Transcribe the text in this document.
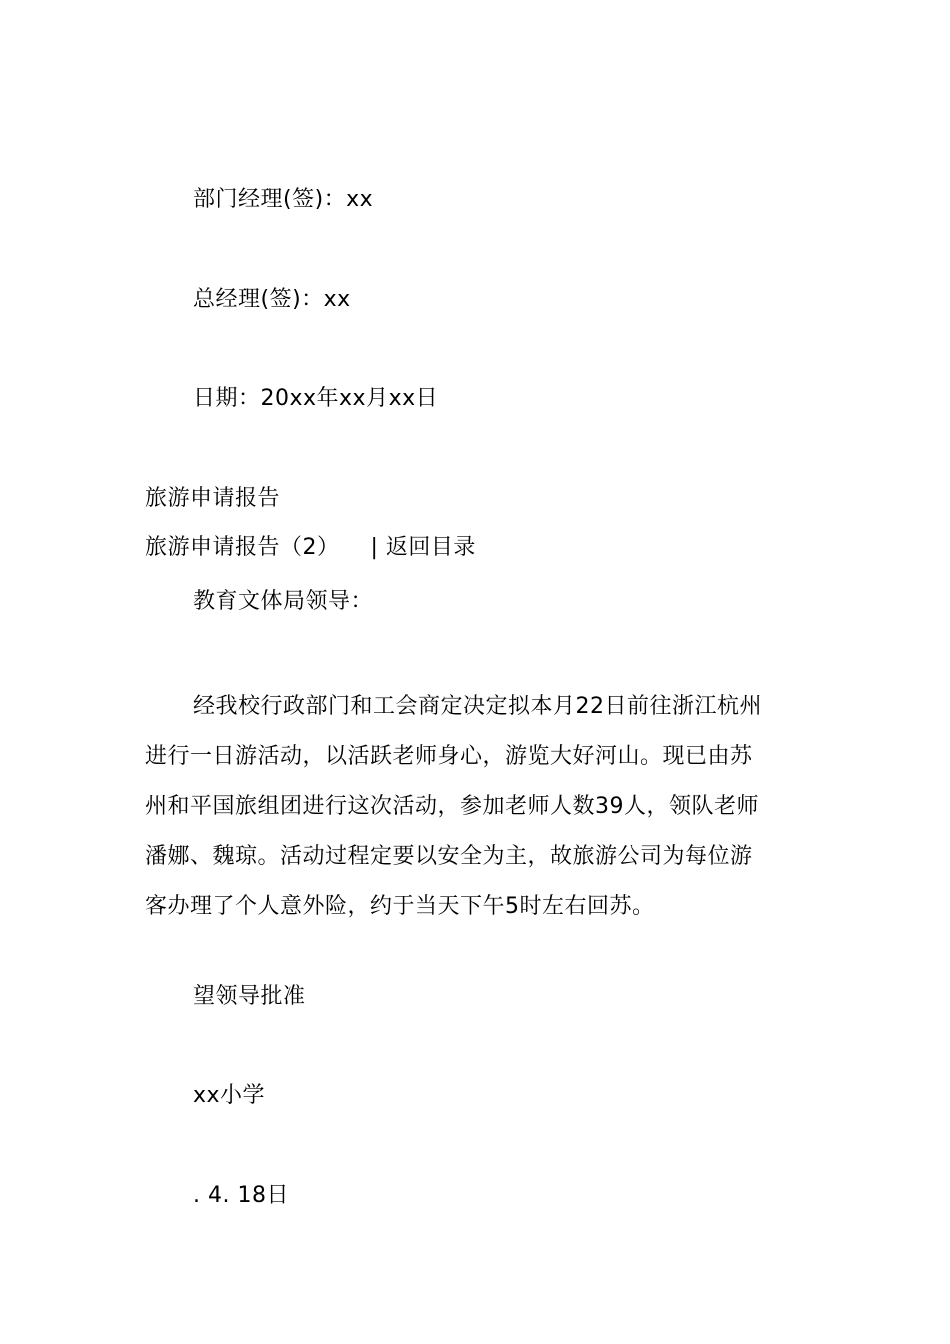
部门经理(签)：xx
总经理(签)：xx
日期：20xx年xx月xx日
旅游申请报告
旅游申请报告（2） | 返回目录
教育文体局领导：
经我校行政部门和工会商定决定拟本月22日前往浙江杭州
进行一日游活动，以活跃老师身心，游览大好河山。现已由苏
州和平国旅组团进行这次活动，参加老师人数39人，领队老师
潘娜、魏琼。活动过程定要以安全为主，故旅游公司为每位游
客办理了个人意外险，约于当天下午5时左右回苏。
望领导批准
xx小学
. 4. 18日
